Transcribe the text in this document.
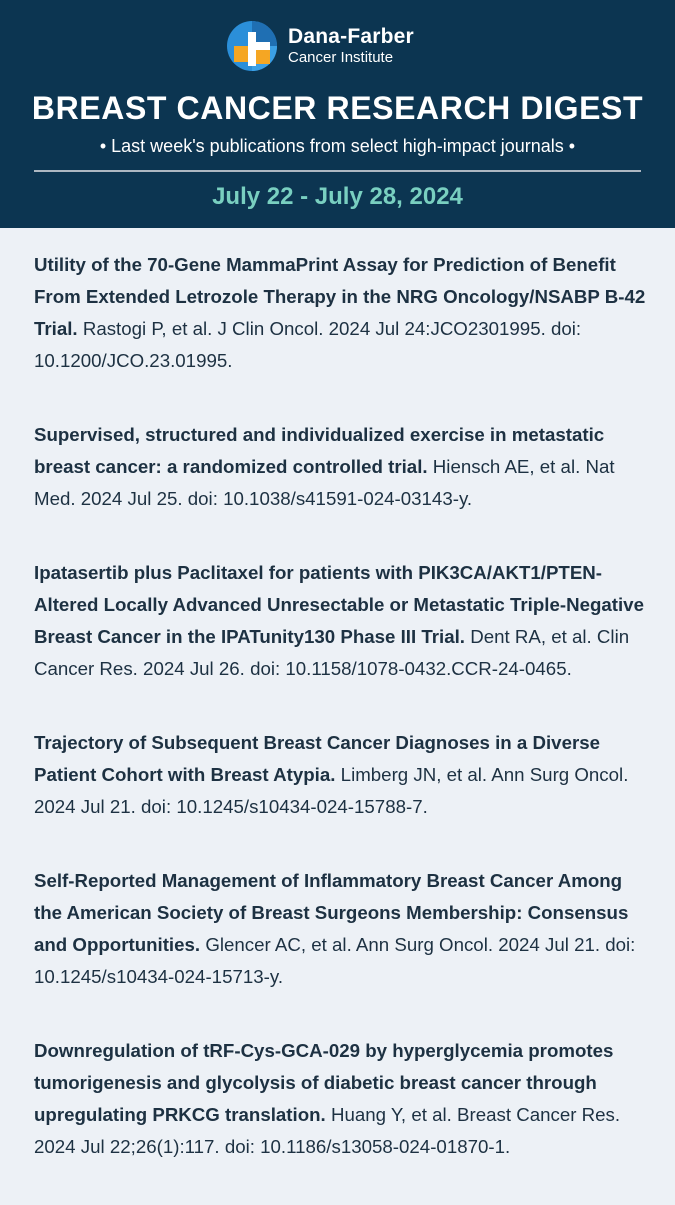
Dana-Farber
Cancer Institute
BREAST CANCER RESEARCH DIGEST
• Last week's publications from select high-impact journals •
July 22 - July 28, 2024
Utility of the 70-Gene MammaPrint Assay for Prediction of Benefit From Extended Letrozole Therapy in the NRG Oncology/NSABP B-42 Trial. Rastogi P, et al. J Clin Oncol. 2024 Jul 24:JCO2301995. doi: 10.1200/JCO.23.01995.
Supervised, structured and individualized exercise in metastatic breast cancer: a randomized controlled trial. Hiensch AE, et al. Nat Med. 2024 Jul 25. doi: 10.1038/s41591-024-03143-y.
Ipatasertib plus Paclitaxel for patients with PIK3CA/AKT1/PTEN-Altered Locally Advanced Unresectable or Metastatic Triple-Negative Breast Cancer in the IPATunity130 Phase III Trial. Dent RA, et al. Clin Cancer Res. 2024 Jul 26. doi: 10.1158/1078-0432.CCR-24-0465.
Trajectory of Subsequent Breast Cancer Diagnoses in a Diverse Patient Cohort with Breast Atypia. Limberg JN, et al. Ann Surg Oncol. 2024 Jul 21. doi: 10.1245/s10434-024-15788-7.
Self-Reported Management of Inflammatory Breast Cancer Among the American Society of Breast Surgeons Membership: Consensus and Opportunities. Glencer AC, et al. Ann Surg Oncol. 2024 Jul 21. doi: 10.1245/s10434-024-15713-y.
Downregulation of tRF-Cys-GCA-029 by hyperglycemia promotes tumorigenesis and glycolysis of diabetic breast cancer through upregulating PRKCG translation. Huang Y, et al. Breast Cancer Res. 2024 Jul 22;26(1):117. doi: 10.1186/s13058-024-01870-1.
